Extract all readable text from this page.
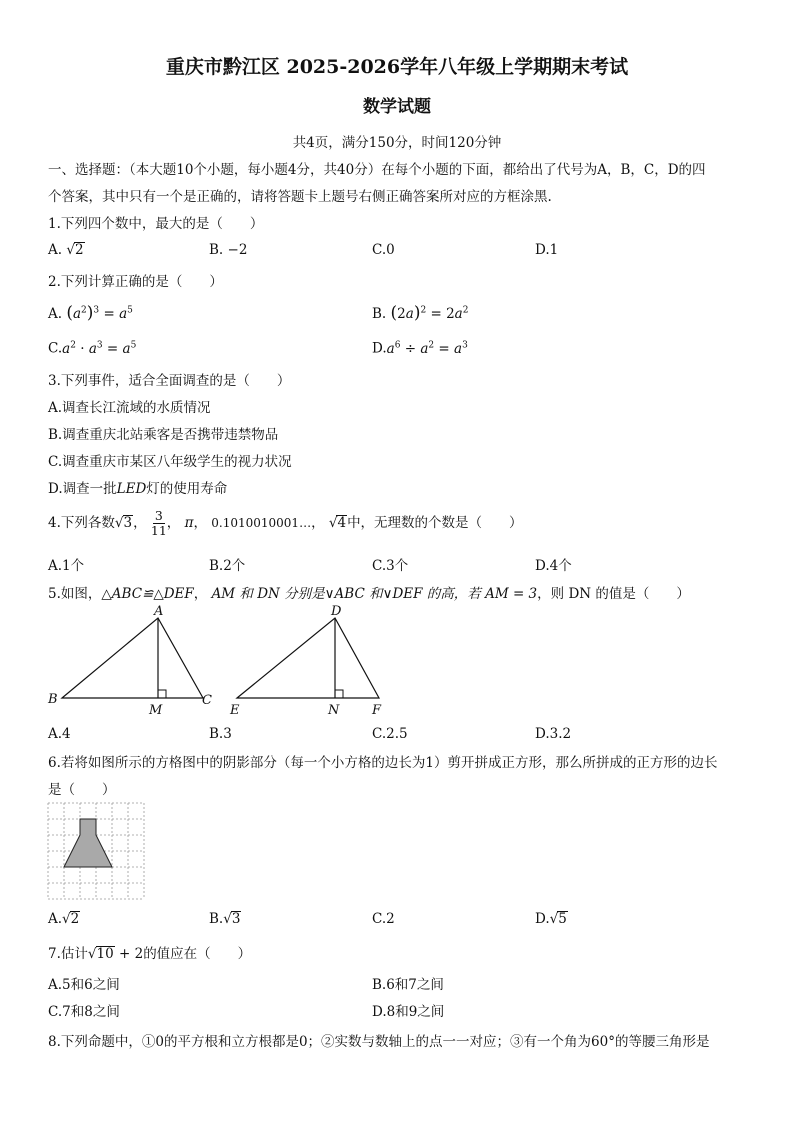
重庆市黔江区 2025-2026学年八年级上学期期末考试
数学试题
共4页，满分150分，时间120分钟
一、选择题：（本大题10个小题，每小题4分，共40分）在每个小题的下面，都给出了代号为A，B，C，D的四
个答案，其中只有一个是正确的，请将答题卡上题号右侧正确答案所对应的方框涂黑.
1.下列四个数中，最大的是（　　）
A. √2	B. −2	C.0	D.1
2.下列计算正确的是（　　）
A. $(a^2)^3 = a^5$	B. $(2a)^2 = 2a^2$
$C.a^2 \cdot a^3 = a^5$	$D.a^6 \div a^2 = a^3$
3.下列事件，适合全面调查的是（　　）
A.调查长江流域的水质情况
B.调查重庆北站乘客是否携带违禁物品
C.调查重庆市某区八年级学生的视力状况
D.调查一批LED灯的使用寿命
4.下列各数√3， $\frac{3}{11}$ ， π， 0.1010010001…， √4中，无理数的个数是（　　）
A.1个	B.2个	C.3个	D.4个
5.如图，△ABC≌△DEF， AM 和 DN 分别是∨ABC 和∨DEF 的高，若 AM = 3，则 DN 的值是（　　）
A
B	C
M
D
E	F
N
A.4	B.3	C.2.5	D.3.2
6.若将如图所示的方格图中的阴影部分（每一个小方格的边长为1）剪开拼成正方形，那么所拼成的正方形的边长
是（　　）
A.√2	B.√3	C.2	D.√5
7.估计√10 + 2的值应在（　　）
A.5和6之间	B.6和7之间
C.7和8之间	D.8和9之间
8.下列命题中，①0的平方根和立方根都是0；②实数与数轴上的点一一对应；③有一个角为60°的等腰三角形是
